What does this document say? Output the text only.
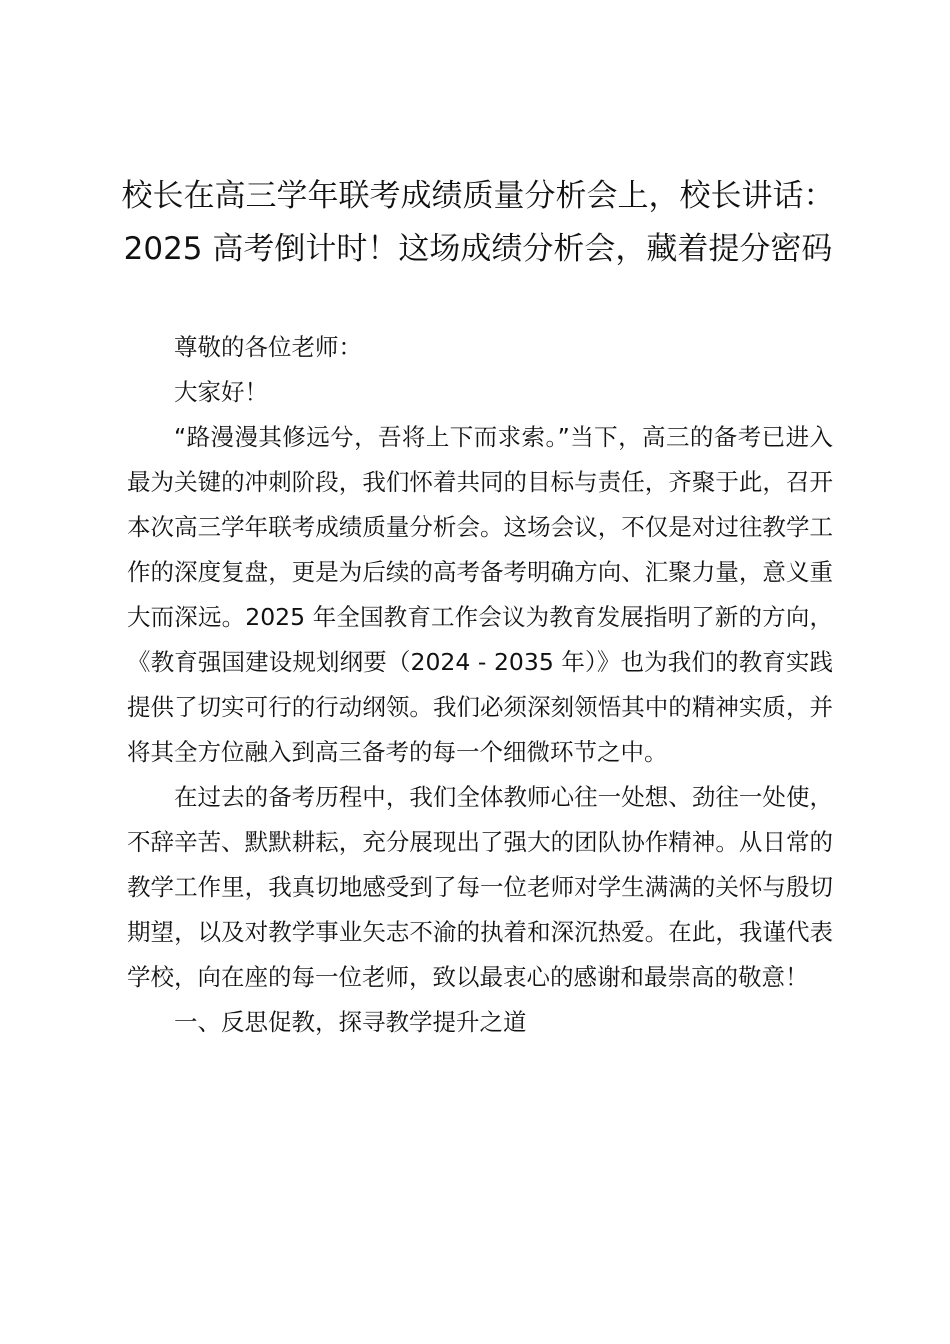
校长在高三学年联考成绩质量分析会上，校长讲话：2025 高考倒计时！这场成绩分析会，藏着提分密码

尊敬的各位老师：

大家好！

“路漫漫其修远兮，吾将上下而求索。”当下，高三的备考已进入最为关键的冲刺阶段，我们怀着共同的目标与责任，齐聚于此，召开本次高三学年联考成绩质量分析会。这场会议，不仅是对过往教学工作的深度复盘，更是为后续的高考备考明确方向、汇聚力量，意义重大而深远。2025 年全国教育工作会议为教育发展指明了新的方向，《教育强国建设规划纲要（2024 - 2035 年）》也为我们的教育实践提供了切实可行的行动纲领。我们必须深刻领悟其中的精神实质，并将其全方位融入到高三备考的每一个细微环节之中。

在过去的备考历程中，我们全体教师心往一处想、劲往一处使，不辞辛苦、默默耕耘，充分展现出了强大的团队协作精神。从日常的教学工作里，我真切地感受到了每一位老师对学生满满的关怀与殷切期望，以及对教学事业矢志不渝的执着和深沉热爱。在此，我谨代表学校，向在座的每一位老师，致以最衷心的感谢和最崇高的敬意！

一、反思促教，探寻教学提升之道
